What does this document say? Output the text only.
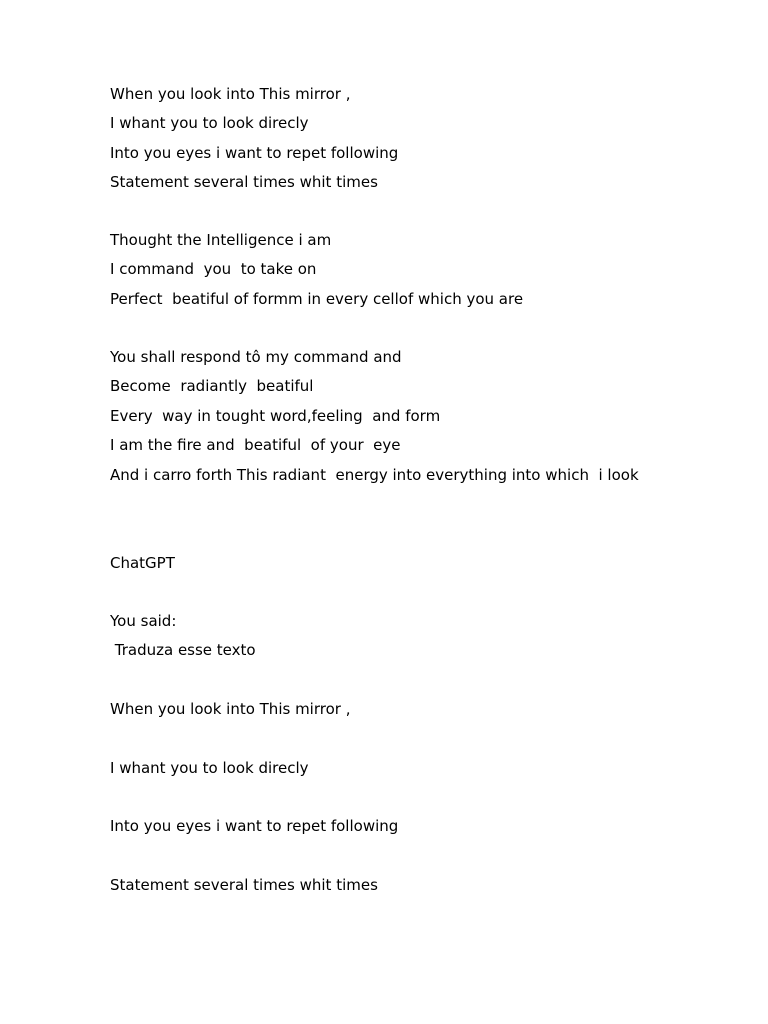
When you look into This mirror ,

I whant you to look direcly

Into you eyes i want to repet following

Statement several times whit times

Thought the Intelligence i am

I command  you  to take on

Perfect  beatiful of formm in every cellof which you are

You shall respond tô my command and

Become  radiantly  beatiful

Every  way in tought word,feeling  and form

I am the fire and  beatiful  of your  eye

And i carro forth This radiant  energy into everything into which  i look

ChatGPT

You said:

Traduza esse texto

When you look into This mirror ,

I whant you to look direcly

Into you eyes i want to repet following

Statement several times whit times
